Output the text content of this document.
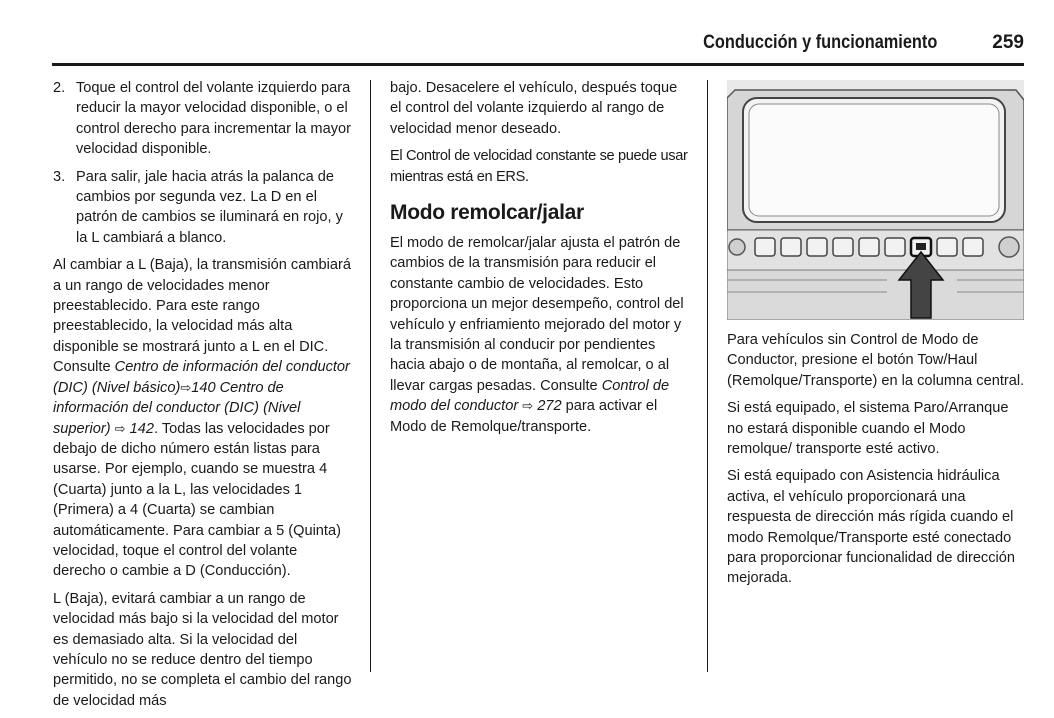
Conducción y funcionamiento	259
2. Toque el control del volante izquierdo para reducir la mayor velocidad disponible, o el control derecho para incrementar la mayor velocidad disponible.
3. Para salir, jale hacia atrás la palanca de cambios por segunda vez. La D en el patrón de cambios se iluminará en rojo, y la L cambiará a blanco.

Al cambiar a L (Baja), la transmisión cambiará a un rango de velocidades menor preestablecido. Para este rango preestablecido, la velocidad más alta disponible se mostrará junto a L en el DIC. Consulte Centro de información del conductor (DIC) (Nivel básico)⇨140 Centro de información del conductor (DIC) (Nivel superior) ⇨ 142. Todas las velocidades por debajo de dicho número están listas para usarse. Por ejemplo, cuando se muestra 4 (Cuarta) junto a la L, las velocidades 1 (Primera) a 4 (Cuarta) se cambian automáticamente. Para cambiar a 5 (Quinta) velocidad, toque el control del volante derecho o cambie a D (Conducción).

L (Baja), evitará cambiar a un rango de velocidad más bajo si la velocidad del motor es demasiado alta. Si la velocidad del vehículo no se reduce dentro del tiempo permitido, no se completa el cambio del rango de velocidad más

bajo. Desacelere el vehículo, después toque el control del volante izquierdo al rango de velocidad menor deseado.

El Control de velocidad constante se puede usar mientras está en ERS.

Modo remolcar/jalar

El modo de remolcar/jalar ajusta el patrón de cambios de la transmisión para reducir el constante cambio de velocidades. Esto proporciona un mejor desempeño, control del vehículo y enfriamiento mejorado del motor y la transmisión al conducir por pendientes hacia abajo o de montaña, al remolcar, o al llevar cargas pesadas. Consulte Control de modo del conductor ⇨ 272 para activar el Modo de Remolque/transporte.

Para vehículos sin Control de Modo de Conductor, presione el botón Tow/Haul (Remolque/Transporte) en la columna central.

Si está equipado, el sistema Paro/Arranque no estará disponible cuando el Modo remolque/ transporte esté activo.

Si está equipado con Asistencia hidráulica activa, el vehículo proporcionará una respuesta de dirección más rígida cuando el modo Remolque/Transporte esté conectado para proporcionar funcionalidad de dirección mejorada.
